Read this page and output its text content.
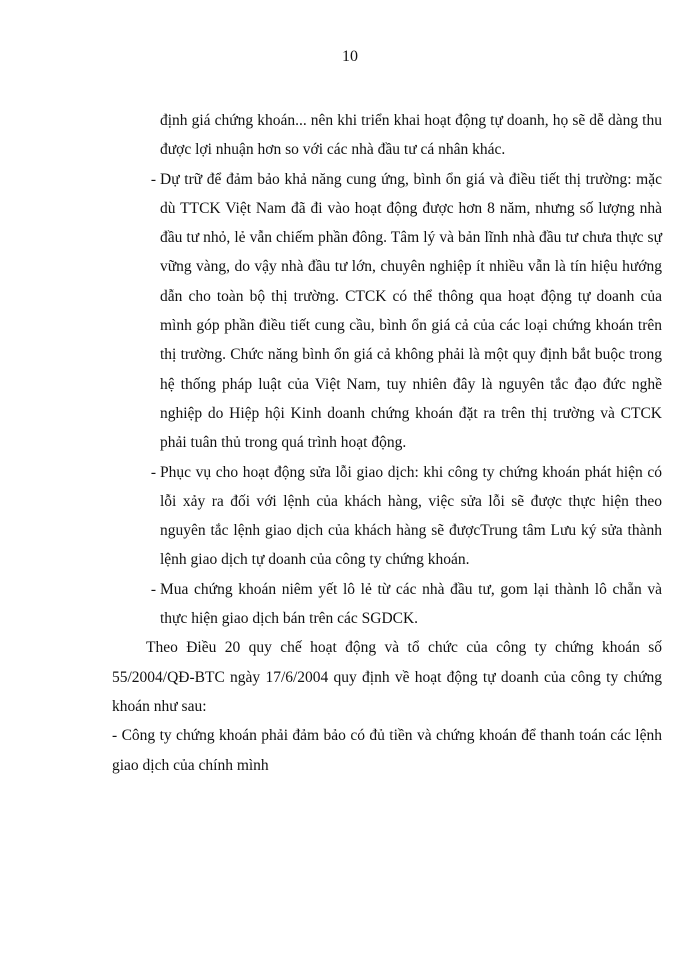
10

định giá chứng khoán... nên khi triển khai hoạt động tự doanh, họ sẽ dễ dàng thu được lợi nhuận hơn so với các nhà đầu tư cá nhân khác.

- Dự trữ để đảm bảo khả năng cung ứng, bình ổn giá và điều tiết thị trường: mặc dù TTCK Việt Nam đã đi vào hoạt động được hơn 8 năm, nhưng số lượng nhà đầu tư nhỏ, lẻ vẫn chiếm phần đông. Tâm lý và bản lĩnh nhà đầu tư chưa thực sự vững vàng, do vậy nhà đầu tư lớn, chuyên nghiệp ít nhiều vẫn là tín hiệu hướng dẫn cho toàn bộ thị trường. CTCK có thể thông qua hoạt động tự doanh của mình góp phần điều tiết cung cầu, bình ổn giá cả của các loại chứng khoán trên thị trường. Chức năng bình ổn giá cả không phải là một quy định bắt buộc trong hệ thống pháp luật của Việt Nam, tuy nhiên đây là nguyên tắc đạo đức nghề nghiệp do Hiệp hội Kinh doanh chứng khoán đặt ra trên thị trường và CTCK phải tuân thủ trong quá trình hoạt động.
- Phục vụ cho hoạt động sửa lỗi giao dịch: khi công ty chứng khoán phát hiện có lỗi xảy ra đối với lệnh của khách hàng, việc sửa lỗi sẽ được thực hiện theo nguyên tắc lệnh giao dịch của khách hàng sẽ đượcTrung tâm Lưu ký sửa thành lệnh giao dịch tự doanh của công ty chứng khoán.
- Mua chứng khoán niêm yết lô lẻ từ các nhà đầu tư, gom lại thành lô chẵn và thực hiện giao dịch bán trên các SGDCK.

Theo Điều 20 quy chế hoạt động và tổ chức của công ty chứng khoán số 55/2004/QĐ-BTC ngày 17/6/2004 quy định về hoạt động tự doanh của công ty chứng khoán như sau:

- Công ty chứng khoán phải đảm bảo có đủ tiền và chứng khoán để thanh toán các lệnh giao dịch của chính mình
